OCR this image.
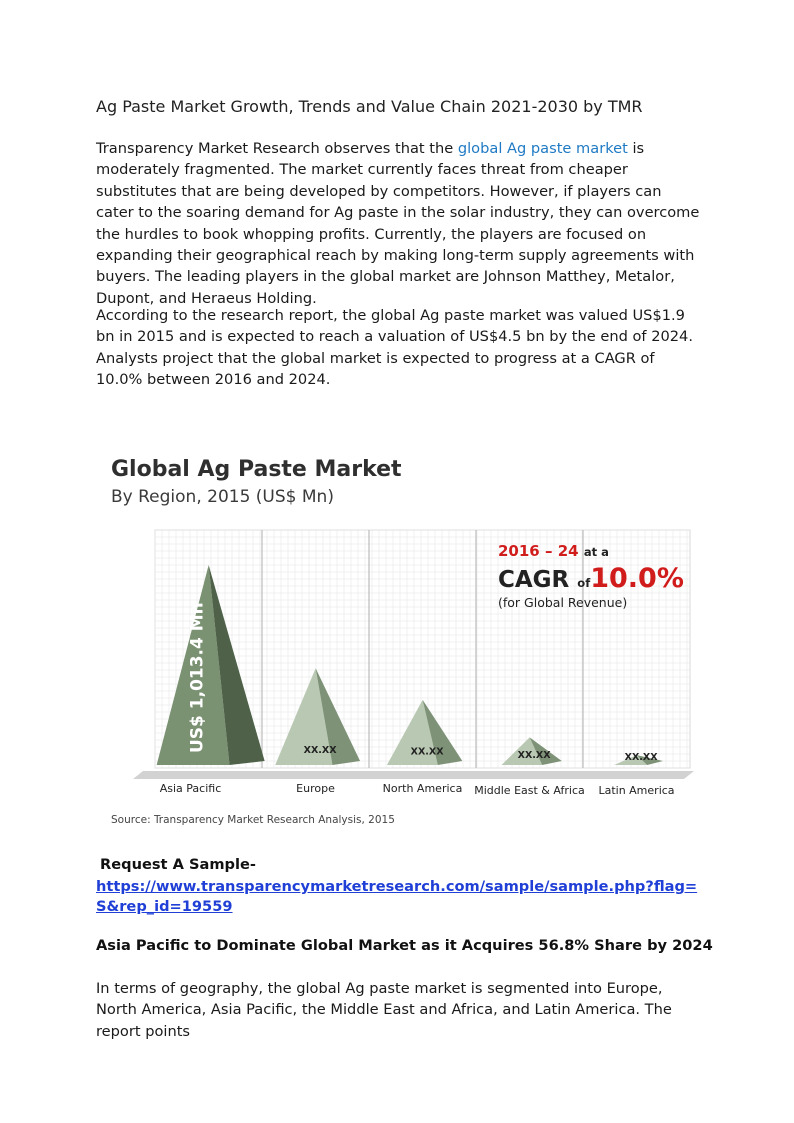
Ag Paste Market Growth, Trends and Value Chain 2021-2030 by TMR
Transparency Market Research observes that the global Ag paste market is moderately fragmented. The market currently faces threat from cheaper substitutes that are being developed by competitors. However, if players can cater to the soaring demand for Ag paste in the solar industry, they can overcome the hurdles to book whopping profits. Currently, the players are focused on expanding their geographical reach by making long-term supply agreements with buyers. The leading players in the global market are Johnson Matthey, Metalor, Dupont, and Heraeus Holding.
According to the research report, the global Ag paste market was valued US$1.9 bn in 2015 and is expected to reach a valuation of US$4.5 bn by the end of 2024. Analysts project that the global market is expected to progress at a CAGR of 10.0% between 2016 and 2024.
US$ 1,013.4 Mn
Asia Pacific
XX.XX
Europe
XX.XX
North America
XX.XX
Middle East & Africa
XX.XX
Latin America
Global Ag Paste Market
By Region, 2015 (US$ Mn)
2016 – 24 at a
CAGR of10.0%
(for Global Revenue)
Source: Transparency Market Research Analysis, 2015
Request A Sample-
https://www.transparencymarketresearch.com/sample/sample.php?flag=S&rep_id=19559
Asia Pacific to Dominate Global Market as it Acquires 56.8% Share by 2024
In terms of geography, the global Ag paste market is segmented into Europe, North America, Asia Pacific, the Middle East and Africa, and Latin America. The report points
